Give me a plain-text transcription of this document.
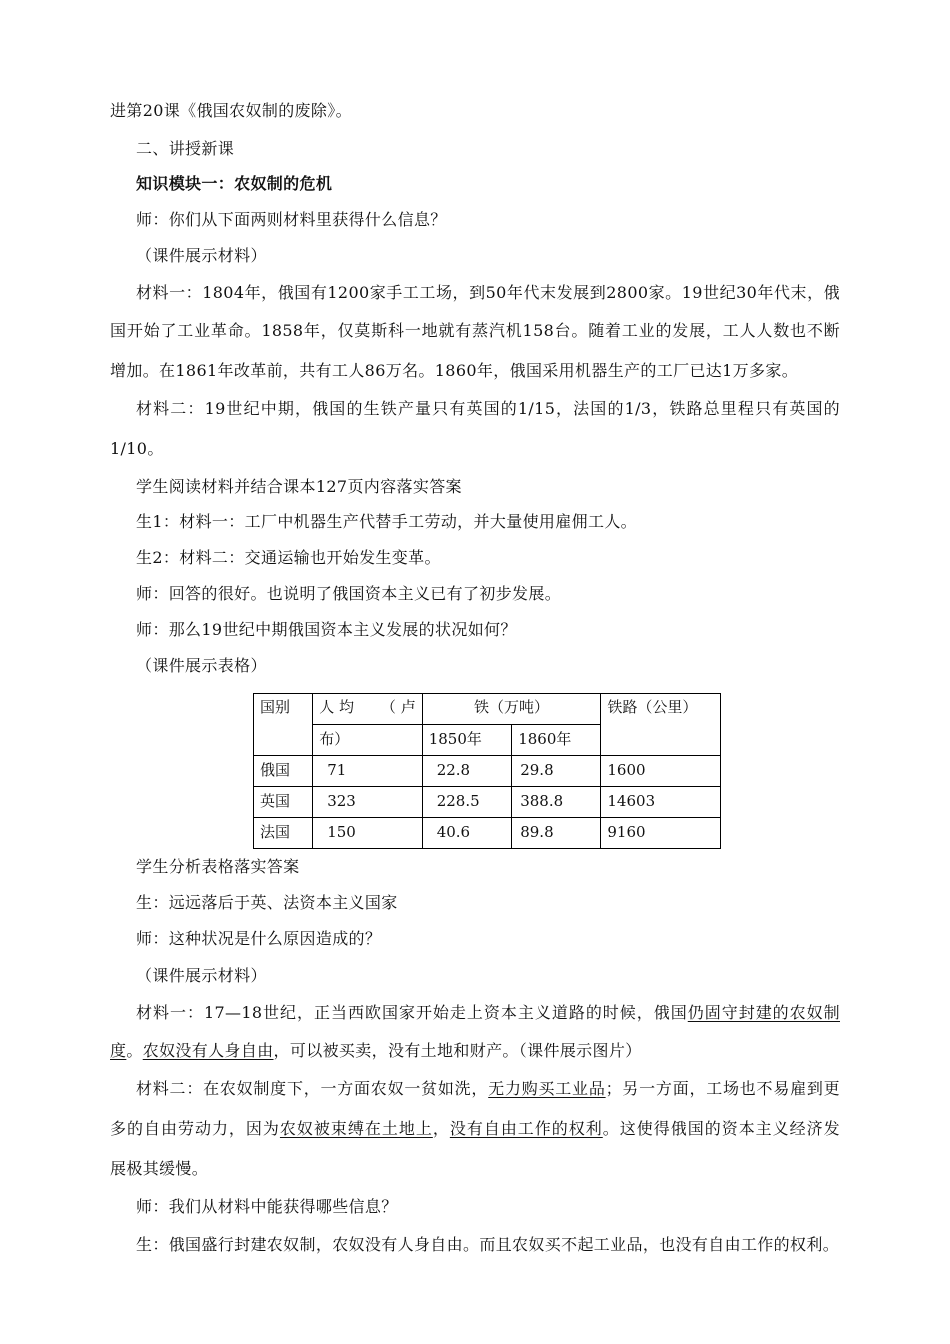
进第20课《俄国农奴制的废除》。
二、讲授新课
知识模块一：农奴制的危机
师：你们从下面两则材料里获得什么信息？
（课件展示材料）
材料一：1804年，俄国有1200家手工工场，到50年代末发展到2800家。19世纪30年代末，俄
国开始了工业革命。1858年，仅莫斯科一地就有蒸汽机158台。随着工业的发展，工人人数也不断
增加。在1861年改革前，共有工人86万名。1860年，俄国采用机器生产的工厂已达1万多家。
材料二：19世纪中期，俄国的生铁产量只有英国的1/15，法国的1/3，铁路总里程只有英国的
1/10。
学生阅读材料并结合课本127页内容落实答案
生1：材料一：工厂中机器生产代替手工劳动，并大量使用雇佣工人。
生2：材料二：交通运输也开始发生变革。
师：回答的很好。也说明了俄国资本主义已有了初步发展。
师：那么19世纪中期俄国资本主义发展的状况如何？
（课件展示表格）
国别	人 均 （ 卢	铁（万吨）		铁路（公里）
	布）	1850年	1860年	
俄国	71	22.8	29.8	1600
英国	323	228.5	388.8	14603
法国	150	40.6	89.8	9160
学生分析表格落实答案
生：远远落后于英、法资本主义国家
师：这种状况是什么原因造成的？
（课件展示材料）
材料一：17—18世纪，正当西欧国家开始走上资本主义道路的时候，俄国仍固守封建的农奴制
度。农奴没有人身自由，可以被买卖，没有土地和财产。（课件展示图片）
材料二：在农奴制度下，一方面农奴一贫如洗，无力购买工业品；另一方面，工场也不易雇到更
多的自由劳动力，因为农奴被束缚在土地上，没有自由工作的权利。这使得俄国的资本主义经济发
展极其缓慢。
师：我们从材料中能获得哪些信息？
生：俄国盛行封建农奴制，农奴没有人身自由。而且农奴买不起工业品，也没有自由工作的权利。
